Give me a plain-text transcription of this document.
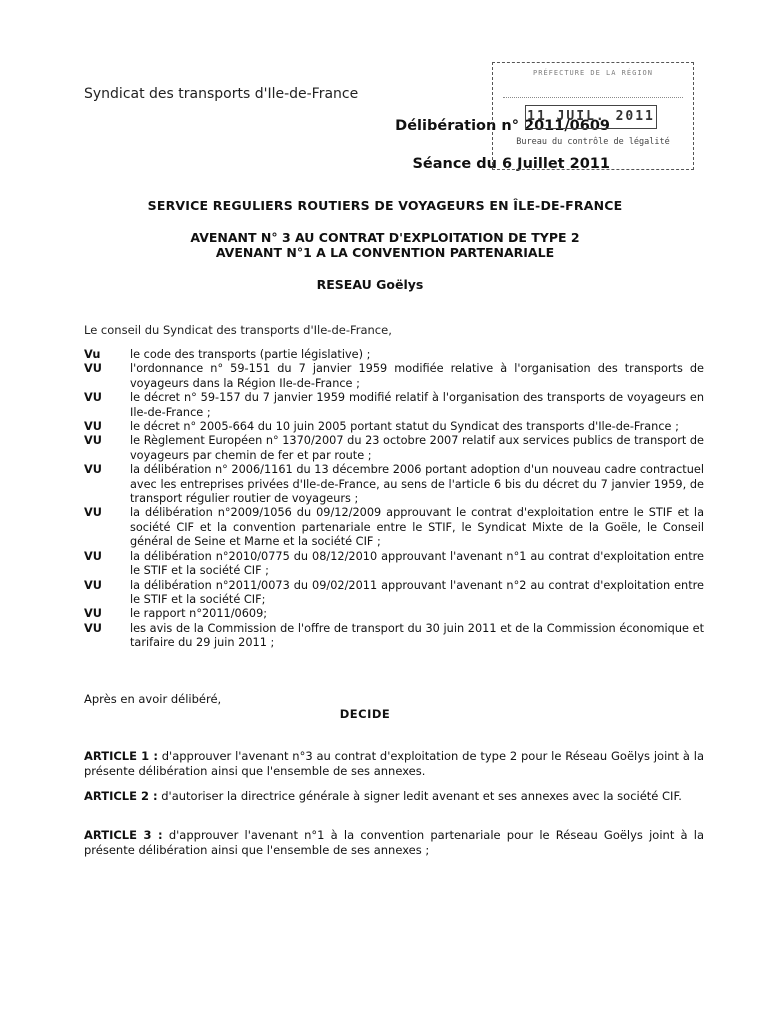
Syndicat des transports d'Ile-de-France
Délibération n° 2011/0609
Séance du 6 Juillet 2011
PRÉFECTURE DE LA RÉGION
11 JUIL. 2011
Bureau du contrôle de légalité
SERVICE REGULIERS ROUTIERS DE VOYAGEURS EN ÎLE-DE-FRANCE
AVENANT N° 3 AU CONTRAT D'EXPLOITATION DE TYPE 2
AVENANT N°1 A LA CONVENTION PARTENARIALE
RESEAU Goëlys
Le conseil du Syndicat des transports d'Ile-de-France,
Vu	le code des transports (partie législative) ;
VU	l'ordonnance n° 59-151 du 7 janvier 1959 modifiée relative à l'organisation des transports de voyageurs dans la Région Ile-de-France ;
VU	le décret n° 59-157 du 7 janvier 1959 modifié relatif à l'organisation des transports de voyageurs en Ile-de-France ;
VU	le décret n° 2005-664 du 10 juin 2005 portant statut du Syndicat des transports d'Ile-de-France ;
VU	le Règlement Européen n° 1370/2007 du 23 octobre 2007 relatif aux services publics de transport de voyageurs par chemin de fer et par route ;
VU	la délibération n° 2006/1161 du 13 décembre 2006 portant adoption d'un nouveau cadre contractuel avec les entreprises privées d'Ile-de-France, au sens de l'article 6 bis du décret du 7 janvier 1959, de transport régulier routier de voyageurs ;
VU	la délibération n°2009/1056 du 09/12/2009 approuvant le contrat d'exploitation entre le STIF et la société CIF et la convention partenariale entre le STIF, le Syndicat Mixte de la Goële, le Conseil général de Seine et Marne et la société CIF ;
VU	la délibération n°2010/0775 du 08/12/2010 approuvant l'avenant n°1 au contrat d'exploitation entre le STIF et la société CIF ;
VU	la délibération n°2011/0073 du 09/02/2011 approuvant l'avenant n°2 au contrat d'exploitation entre le STIF et la société CIF;
VU	le rapport n°2011/0609;
VU	les avis de la Commission de l'offre de transport du 30 juin 2011 et de la Commission économique et tarifaire du 29 juin 2011 ;
Après en avoir délibéré,
DECIDE
ARTICLE 1 : d'approuver l'avenant n°3 au contrat d'exploitation de type 2 pour le Réseau Goëlys joint à la présente délibération ainsi que l'ensemble de ses annexes.
ARTICLE 2 : d'autoriser la directrice générale à signer ledit avenant et ses annexes avec la société CIF.
ARTICLE 3 : d'approuver l'avenant n°1 à la convention partenariale pour le Réseau Goëlys joint à la présente délibération ainsi que l'ensemble de ses annexes ;
